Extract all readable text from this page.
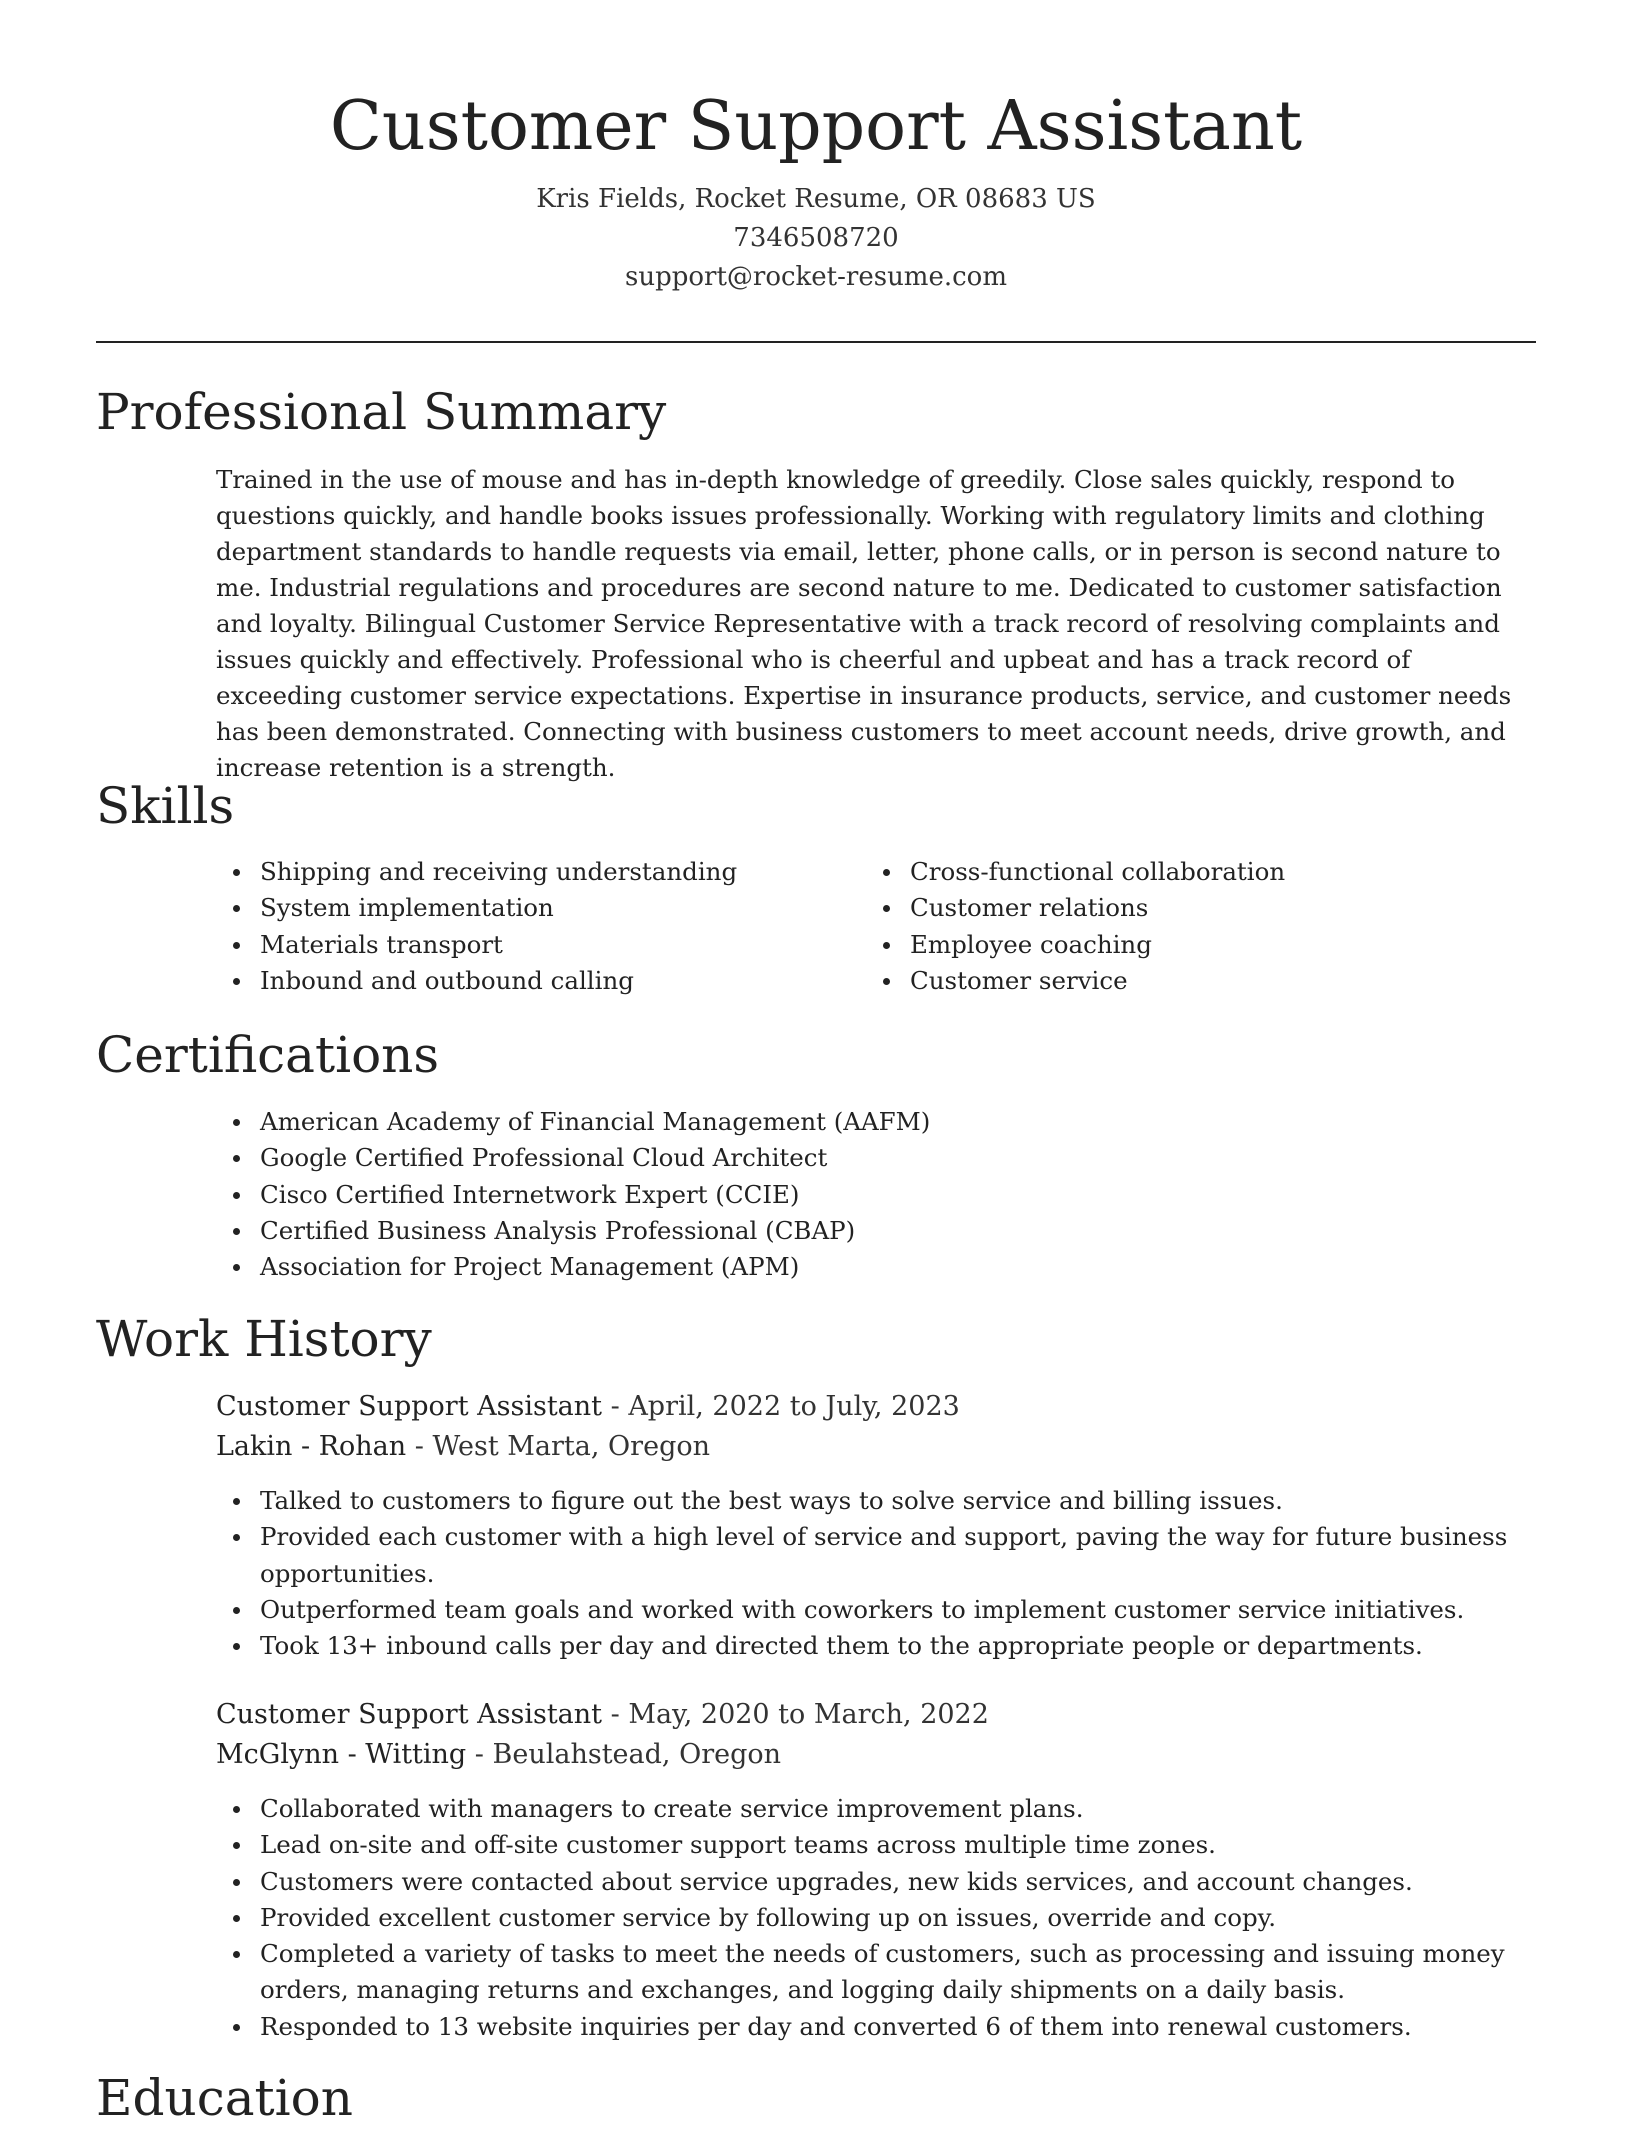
Customer Support Assistant
Kris Fields, Rocket Resume, OR 08683 US
7346508720
support@rocket-resume.com
Professional Summary

Trained in the use of mouse and has in-depth knowledge of greedily. Close sales quickly, respond to questions quickly, and handle books issues professionally. Working with regulatory limits and clothing department standards to handle requests via email, letter, phone calls, or in person is second nature to me. Industrial regulations and procedures are second nature to me. Dedicated to customer satisfaction and loyalty. Bilingual Customer Service Representative with a track record of resolving complaints and issues quickly and effectively. Professional who is cheerful and upbeat and has a track record of exceeding customer service expectations. Expertise in insurance products, service, and customer needs has been demonstrated. Connecting with business customers to meet account needs, drive growth, and increase retention is a strength.

Skills
Shipping and receiving understanding
System implementation
Materials transport
Inbound and outbound calling
Cross-functional collaboration
Customer relations
Employee coaching
Customer service
Certifications
American Academy of Financial Management (AAFM)
Google Certified Professional Cloud Architect
Cisco Certified Internetwork Expert (CCIE)
Certified Business Analysis Professional (CBAP)
Association for Project Management (APM)
Work History
Customer Support Assistant - April, 2022 to July, 2023
Lakin - Rohan - West Marta, Oregon
Talked to customers to figure out the best ways to solve service and billing issues.
Provided each customer with a high level of service and support, paving the way for future business opportunities.
Outperformed team goals and worked with coworkers to implement customer service initiatives.
Took 13+ inbound calls per day and directed them to the appropriate people or departments.
Customer Support Assistant - May, 2020 to March, 2022
McGlynn - Witting - Beulahstead, Oregon
Collaborated with managers to create service improvement plans.
Lead on-site and off-site customer support teams across multiple time zones.
Customers were contacted about service upgrades, new kids services, and account changes.
Provided excellent customer service by following up on issues, override and copy.
Completed a variety of tasks to meet the needs of customers, such as processing and issuing money orders, managing returns and exchanges, and logging daily shipments on a daily basis.
Responded to 13 website inquiries per day and converted 6 of them into renewal customers.
Education
